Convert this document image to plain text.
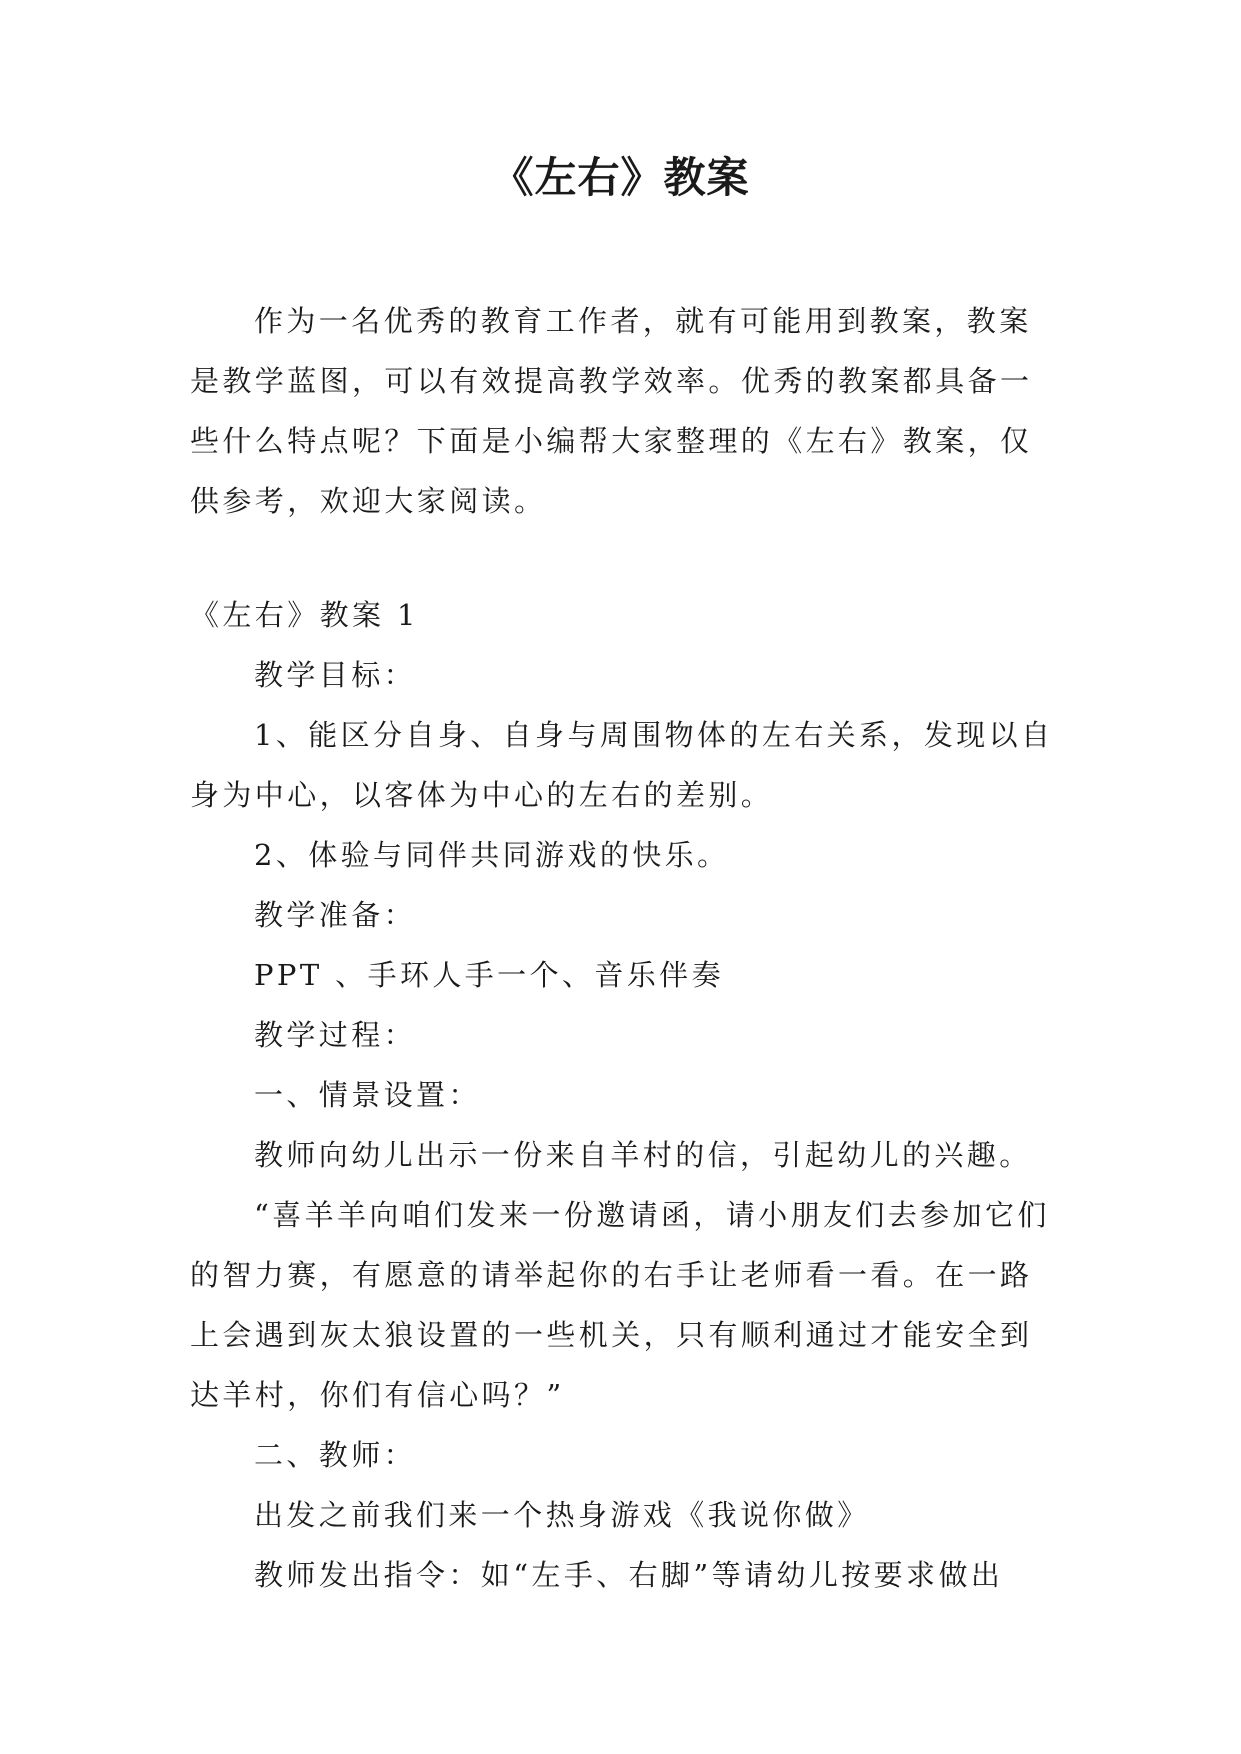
《左右》教案

作为一名优秀的教育工作者，就有可能用到教案，教案是教学蓝图，可以有效提高教学效率。优秀的教案都具备一些什么特点呢？下面是小编帮大家整理的《左右》教案，仅供参考，欢迎大家阅读。

《左右》教案 1

教学目标：

1、能区分自身、自身与周围物体的左右关系，发现以自身为中心，以客体为中心的左右的差别。

2、体验与同伴共同游戏的快乐。

教学准备：

PPT 、手环人手一个、音乐伴奏

教学过程：

一、情景设置：

教师向幼儿出示一份来自羊村的信，引起幼儿的兴趣。

“喜羊羊向咱们发来一份邀请函，请小朋友们去参加它们的智力赛，有愿意的请举起你的右手让老师看一看。在一路上会遇到灰太狼设置的一些机关，只有顺利通过才能安全到达羊村，你们有信心吗？”

二、教师：

出发之前我们来一个热身游戏《我说你做》

教师发出指令：如“左手、右脚”等请幼儿按要求做出
